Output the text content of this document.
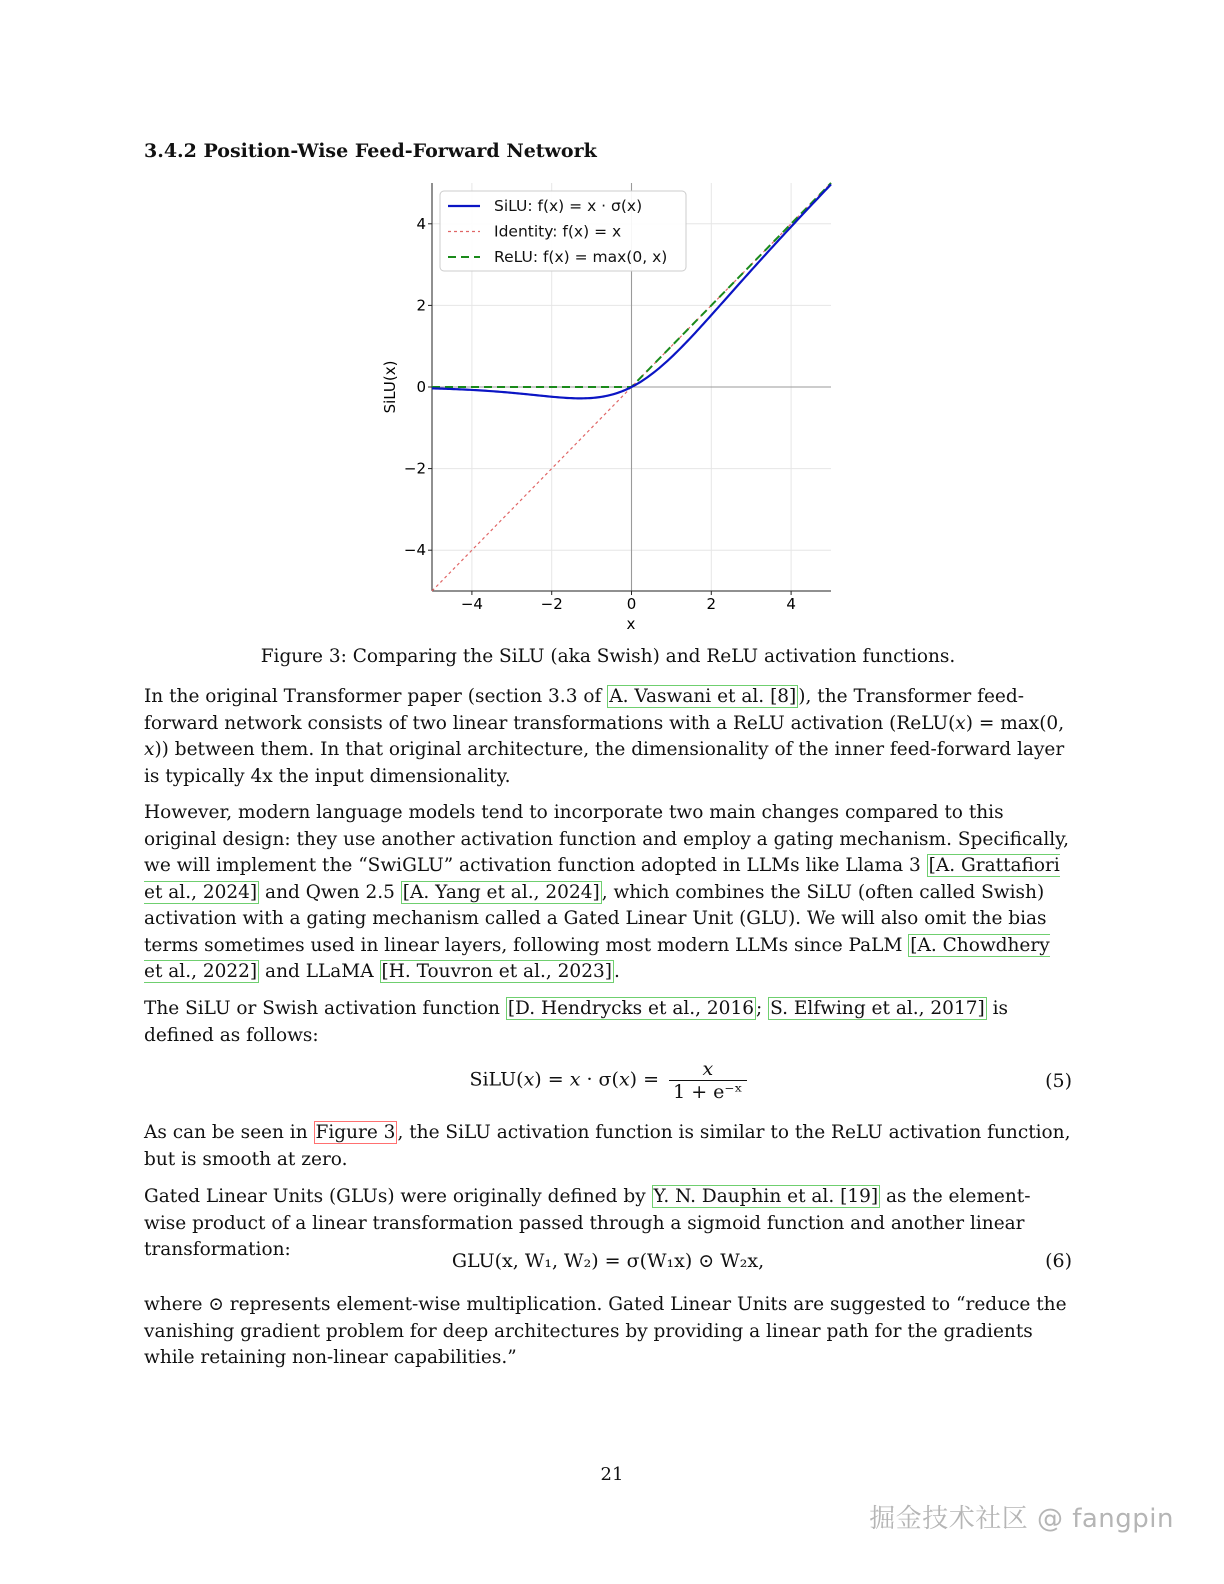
3.4.2 Position-Wise Feed-Forward Network
−4	−2	0	2	4
−4
−2
0
2
4
x
SiLU(x)
SiLU: f(x) = x · σ(x)
Identity: f(x) = x
ReLU: f(x) = max(0, x)
Figure 3: Comparing the SiLU (aka Swish) and ReLU activation functions.

In the original Transformer paper (section 3.3 of A. Vaswani et al. [8] ), the Transformer feed-forward network consists of two linear transformations with a ReLU activation (ReLU(x) = max(0, x)) between them. In that original architecture, the dimensionality of the inner feed-forward layer is typically 4x the input dimensionality.

However, modern language models tend to incorporate two main changes compared to this original design: they use another activation function and employ a gating mechanism. Specifically, we will implement the “SwiGLU” activation function adopted in LLMs like Llama 3 [A. Grattafiori et al., 2024] and Qwen 2.5 [A. Yang et al., 2024] , which combines the SiLU (often called Swish) activation with a gating mechanism called a Gated Linear Unit (GLU). We will also omit the bias terms sometimes used in linear layers, following most modern LLMs since PaLM [A. Chowdhery et al., 2022] and LLaMA [H. Touvron et al., 2023] .

The SiLU or Swish activation function [D. Hendrycks et al., 2016 ; S. Elfwing et al., 2017] is defined as follows:

SiLU(x) = $x \cdot \sigma(x) = \frac{x}{\text{1 + e⁻ˣ}}$	(5)

As can be seen in Figure 3 , the SiLU activation function is similar to the ReLU activation function, but is smooth at zero.

Gated Linear Units (GLUs) were originally defined by Y. N. Dauphin et al. [19] as the element-wise product of a linear transformation passed through a sigmoid function and another linear transformation:

GLU(x, W₁, W₂) = σ(W₁x) ⊙ W₂x,	(6)

where ⊙ represents element-wise multiplication. Gated Linear Units are suggested to “reduce the vanishing gradient problem for deep architectures by providing a linear path for the gradients while retaining non-linear capabilities.”

21
掘金技术社区 @ fangpin
